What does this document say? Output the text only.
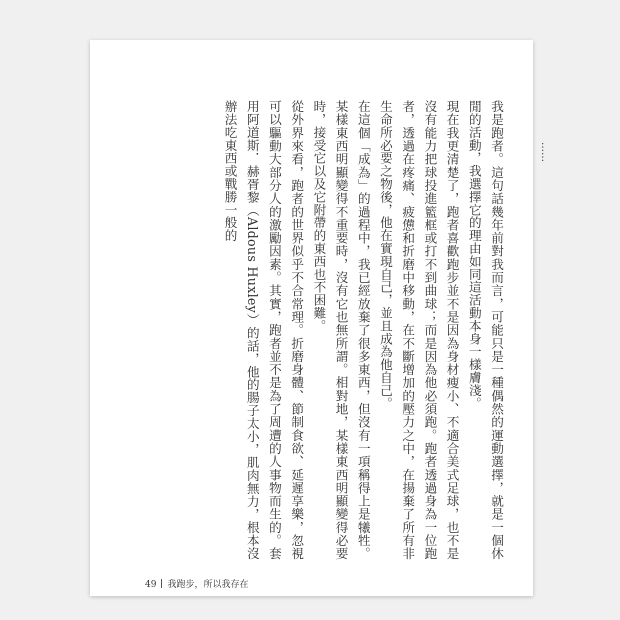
……

我是跑者。這句話幾年前對我而言，可能只是一種偶然的運動選擇，就是一個休閒的活動，我選擇它的理由如同這活動本身一樣膚淺。

現在我更清楚了，跑者喜歡跑步並不是因為身材瘦小、不適合美式足球，也不是沒有能力把球投進籃框或打不到曲球；而是因為他必須跑。跑者透過身為一位跑者，透過在疼痛、疲憊和折磨中移動，在不斷增加的壓力之中，在揚棄了所有非生命所必要之物後，他在實現自己，並且成為他自己。

在這個「成為」的過程中，我已經放棄了很多東西，但沒有一項稱得上是犧牲。某樣東西明顯變得不重要時，沒有它也無所謂。相對地，某樣東西明顯變得必要時，接受它以及它附帶的東西也不困難。

從外界來看，跑者的世界似乎不合常理。折磨身體、節制食欲、延遲享樂，忽視可以驅動大部分人的激勵因素。其實，跑者並不是為了周遭的人事物而生的。套用阿道斯．赫胥黎（Aldous Huxley）的話，他的腸子太小，肌肉無力，根本沒辦法吃東西或戰勝一般的

49 我跑步，所以我存在
